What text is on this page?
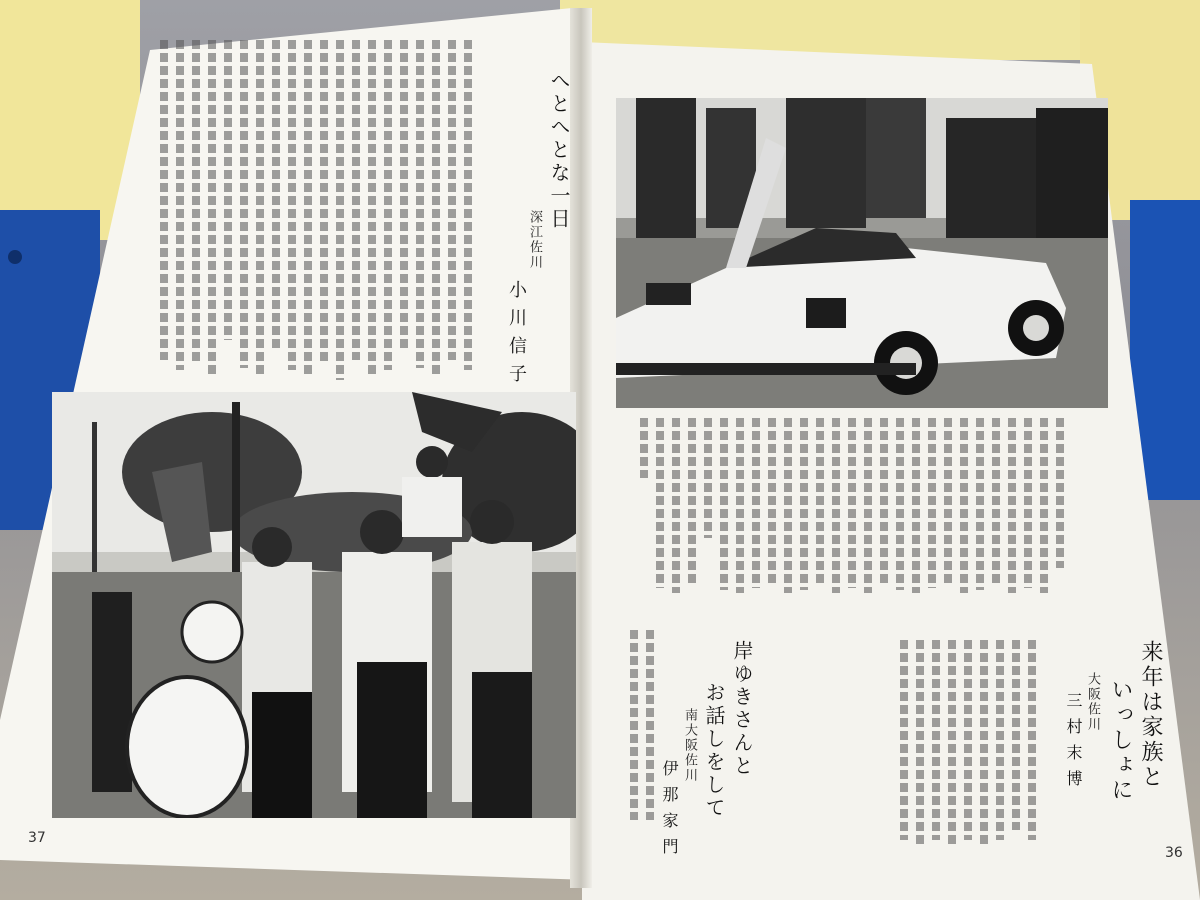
へとへとな一日
深江佐川
小川信子
37
来年は家族と
いっしょに
大阪佐川
三村末博
岸ゆきさんと
お話しをして
南大阪佐川
伊那家門	36
